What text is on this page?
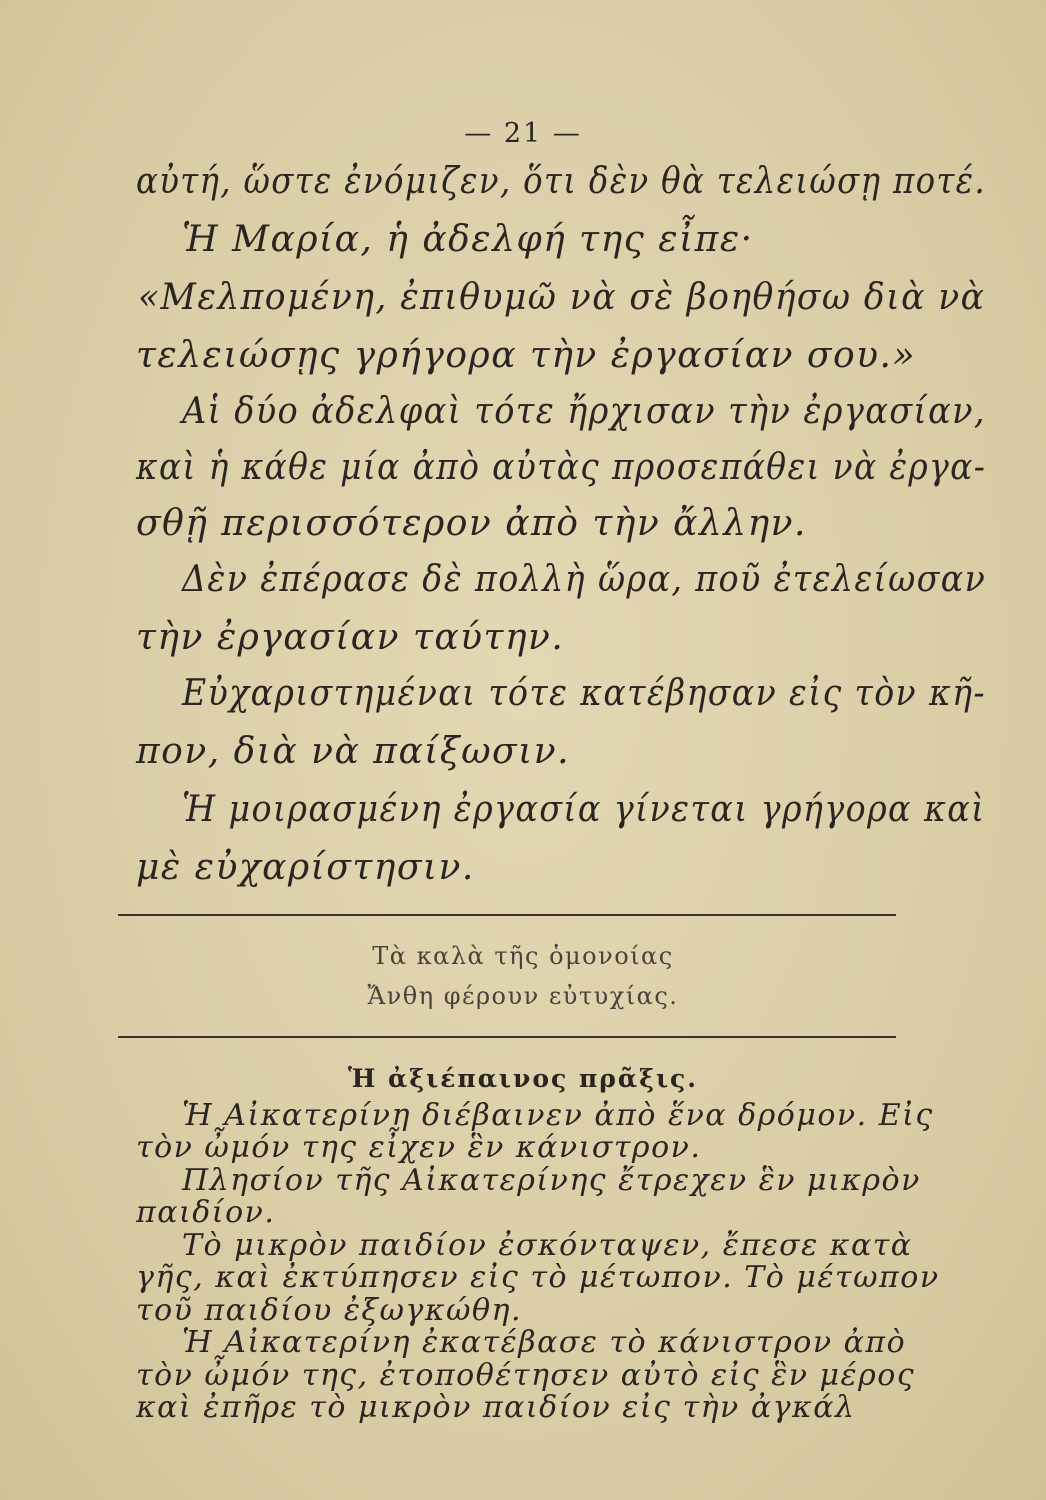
— 21 —
αὐτή, ὥστε ἐνόμιζεν, ὅτι δὲν θὰ τελειώσῃ ποτέ.
Ἡ Μαρία, ἡ ἀδελφή της εἶπε·
«Μελπομένη, ἐπιθυμῶ νὰ σὲ βοηθήσω διὰ νὰ
τελειώσῃς γρήγορα τὴν ἐργασίαν σου.»
Αἱ δύο ἀδελφαὶ τότε ἤρχισαν τὴν ἐργασίαν,
καὶ ἡ κάθε μία ἀπὸ αὐτὰς προσεπάθει νὰ ἐργα-
σθῇ περισσότερον ἀπὸ τὴν ἄλλην.
Δὲν ἐπέρασε δὲ πολλὴ ὥρα, ποῦ ἐτελείωσαν
τὴν ἐργασίαν ταύτην.
Εὐχαριστημέναι τότε κατέβησαν εἰς τὸν κῆ-
πον, διὰ νὰ παίξωσιν.
Ἡ μοιρασμένη ἐργασία γίνεται γρήγορα καὶ
μὲ εὐχαρίστησιν.
Τὰ καλὰ τῆς ὁμονοίας
Ἄνθη φέρουν εὐτυχίας.
Ἡ ἀξιέπαινος πρᾶξις.
Ἡ Αἰκατερίνη διέβαινεν ἀπὸ ἕνα δρόμον. Εἰς
τὸν ὦμόν της εἶχεν ἓν κάνιστρον.
Πλησίον τῆς Αἰκατερίνης ἔτρεχεν ἓν μικρὸν
παιδίον.
Τὸ μικρὸν παιδίον ἐσκόνταψεν, ἔπεσε κατὰ
γῆς, καὶ ἐκτύπησεν εἰς τὸ μέτωπον. Τὸ μέτωπον
τοῦ παιδίου ἐξωγκώθη.
Ἡ Αἰκατερίνη ἐκατέβασε τὸ κάνιστρον ἀπὸ
τὸν ὦμόν της, ἐτοποθέτησεν αὐτὸ εἰς ἓν μέρος
καὶ ἐπῆρε τὸ μικρὸν παιδίον εἰς τὴν ἀγκάλ
